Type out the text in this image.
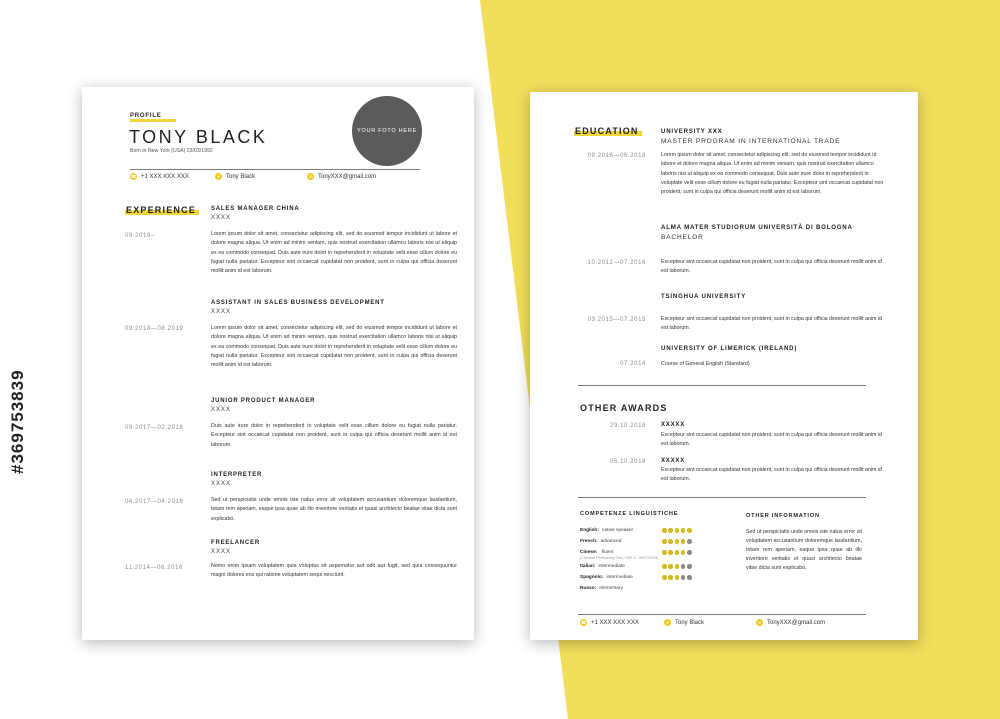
#369753839
PROFILE
TONY BLACK
Born in New York (USA) 23/03/1992
YOUR FOTO HERE
☎ +1 XXX XXX XXX	●	Tony Black	✉ TonyXXX@gmail.com
EXPERIENCE	SALES MANAGER CHINA
XXXX
09.2019–	Lorem ipsum dolor sit amet, consectetur adipiscing elit, sed do eiusmod tempor incididunt ut labore et dolore magna aliqua. Ut enim ad minim veniam, quis nostrud exercitation ullamco laboris nisi ut aliquip ex ea commodo consequat. Duis aute irure dolor in reprehenderit in voluptate velit esse cillum dolore eu fugiat nulla pariatur. Excepteur sint occaecat cupidatat non proident, sunt in culpa qui officia deserunt mollit anim id est laborum.
ASSISTANT IN SALES BUSINESS DEVELOPMENT
XXXX
09.2018—08.2019	Lorem ipsum dolor sit amet, consectetur adipiscing elit, sed do eiusmod tempor incididunt ut labore et dolore magna aliqua. Ut enim ad minim veniam, quis nostrud exercitation ullamco laboris nisi ut aliquip ex ea commodo consequat. Duis aute irure dolor in reprehenderit in voluptate velit esse cillum dolore eu fugiat nulla pariatur. Excepteur sint occaecat cupidatat non proident, sunt in culpa qui officia deserunt mollit anim id est laborum.
JUNIOR PRODUCT MANAGER
XXXX
09.2017—02.2018	Duis aute irure dolor in reprehenderit in voluptate velit esse cillum dolore eu fugiat nulla pariatur. Excepteur sint occaecat cupidatat non proident, sunt in culpa qui officia deserunt mollit anim id est laborum.
INTERPRETER
XXXX
04.2017—04.2018	Sed ut perspiciatis unde omnis iste natus error sit voluptatem accusantium doloremque laudantium, totam rem aperiam, eaque ipsa quae ab illo inventore veritatis et quasi architecto beatae vitae dicta sunt explicabo.
FREELANCER
XXXX
11.2014—06.2016	Nemo enim ipsam voluptatem quia voluptas sit aspernatur aut odit aut fugit, sed quia consequuntur magni dolores eos qui ratione voluptatem sequi nesciunt.
EDUCATION	UNIVERSITY XXX
MASTER PROGRAM IN INTERNATIONAL TRADE
09.2016—06.2018	Lorem ipsum dolor sit amet, consectetur adipiscing elit, sed do eiusmod tempor incididunt ut labore et dolore magna aliqua. Ut enim ad minim veniam, quis nostrud exercitation ullamco laboris nisi ut aliquip ex ea commodo consequat. Duis aute irure dolor in reprehenderit in voluptate velit esse cillum dolore eu fugiat nulla pariatur. Excepteur sint occaecat cupidatat non proident, sunt in culpa qui officia deserunt mollit anim id est laborum.
ALMA MATER STUDIORUM UNIVERSITÀ DI BOLOGNA
BACHELOR
10.2012—07.2016	Excepteur sint occaecat cupidatat non proident, sunt in culpa qui officia deserunt mollit anim id est laborum.
TSINGHUA UNIVERSITY
03.2015—07.2015	Excepteur sint occaecat cupidatat non proident, sunt in culpa qui officia deserunt mollit anim id est laborum.
UNIVERSITY OF LIMERICK (IRELAND)
07.2014	Course of General English (Standard)
OTHER AWARDS
29.10.2018	XXXXX
Excepteur sint occaecat cupidatat non proident, sunt in culpa qui officia deserunt mollit anim id est laborum.
05.10.2018	XXXXX
Excepteur sint occaecat cupidatat non proident, sunt in culpa qui officia deserunt mollit anim id est laborum.
COMPETENZE LINGUISTICHE
English: native speaker
French: advanced
Cinese: fluent
(Chinese Proficiency Test, HSK 5, 19/07/2015)
Italian: intermediate
Spagnolo: intermediate
Russo: elementary
OTHER INFORMATION
Sed ut perspiciatis unde omnis iste natus error sit voluptatem accusantium doloremque laudantium, totam rem aperiam, eaque ipsa quae ab illo inventore veritatis et quasi architecto beatae vitae dicta sunt explicabo.
☎ +1 XXX XXX XXX	●	Tony Black	✉ TonyXXX@gmail.com
